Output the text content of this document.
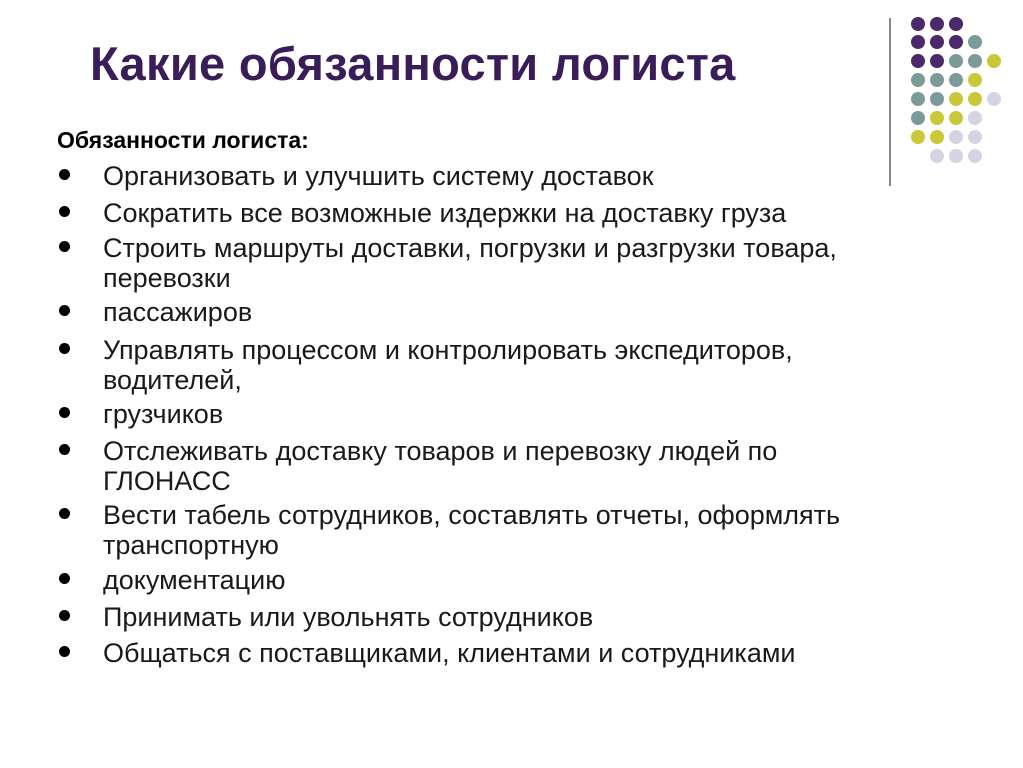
Какие обязанности логиста
Обязанности логиста:
Организовать и улучшить систему доставок
Сократить все возможные издержки на доставку груза
Строить маршруты доставки, погрузки и разгрузки товара,
перевозки
пассажиров
Управлять процессом и контролировать экспедиторов,
водителей,
грузчиков
Отслеживать доставку товаров и перевозку людей по
ГЛОНАСС
Вести табель сотрудников, составлять отчеты, оформлять
транспортную
документацию
Принимать или увольнять сотрудников
Общаться с поставщиками, клиентами и сотрудниками
